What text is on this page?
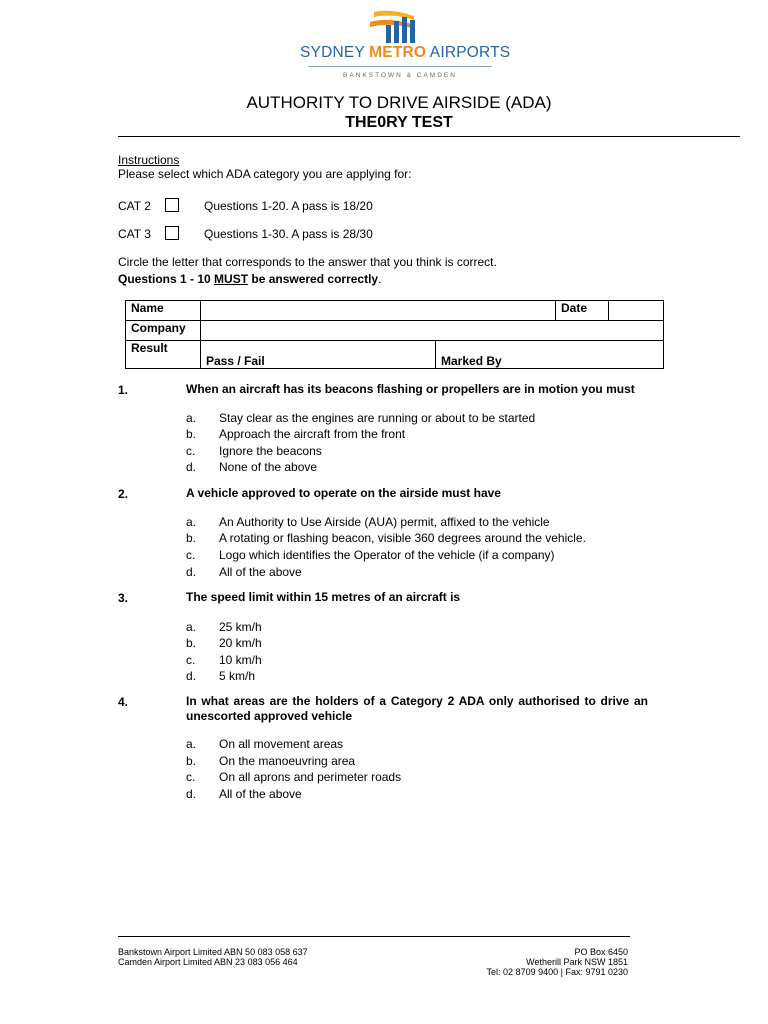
SYDNEY METRO AIRPORTS
BANKSTOWN & CAMDEN
AUTHORITY TO DRIVE AIRSIDE (ADA)
THE0RY TEST
Instructions
Please select which ADA category you are applying for:
CAT 2	Questions 1-20. A pass is 18/20
CAT 3	Questions 1-30. A pass is 28/30
Circle the letter that corresponds to the answer that you think is correct.
Questions 1 - 10 MUST be answered correctly.
Name			Date	
Company				
Result	Pass / Fail	Marked By		
1.	When an aircraft has its beacons flashing or propellers are in motion you must
a. Stay clear as the engines are running or about to be started
b. Approach the aircraft from the front
c. Ignore the beacons
d. None of the above
2.	A vehicle approved to operate on the airside must have
a. An Authority to Use Airside (AUA) permit, affixed to the vehicle
b. A rotating or flashing beacon, visible 360 degrees around the vehicle.
c. Logo which identifies the Operator of the vehicle (if a company)
d. All of the above
3.	The speed limit within 15 metres of an aircraft is
a. 25 km/h
b. 20 km/h
c. 10 km/h
d. 5 km/h
4.	In what areas are the holders of a Category 2 ADA only authorised to drive an unescorted approved vehicle
a. On all movement areas
b. On the manoeuvring area
c. On all aprons and perimeter roads
d. All of the above
Bankstown Airport Limited ABN 50 083 058 637
Camden Airport Limited ABN 23 083 056 464
PO Box 6450
Wetherill Park NSW 1851
Tel: 02 8709 9400 | Fax: 9791 0230
